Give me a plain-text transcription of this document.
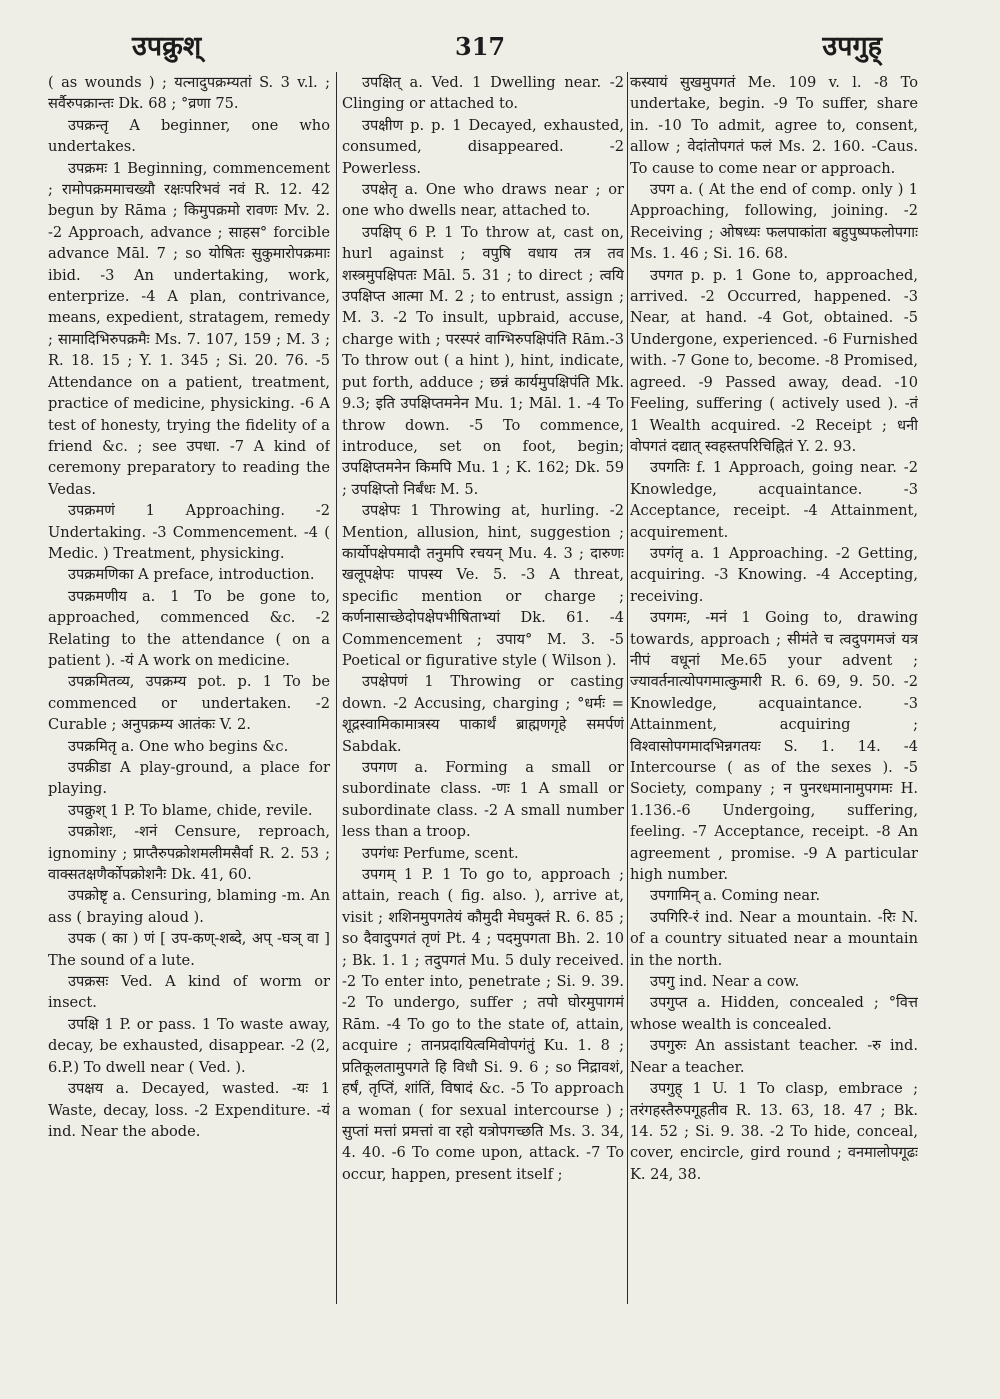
उपक्रुश्	317	उपगुह्

( as wounds ) ; यत्नादुपक्रम्यतां S. 3 v.l. ; सर्वैरुपक्रान्तः Dk. 68 ; °व्रणा 75.

उपक्रन्तृ A beginner, one who undertakes.

उपक्रमः 1 Beginning, commencement ; रामोपक्रममाचख्यौ रक्षःपरिभवं नवं R. 12. 42 begun by Rāma ; किमुपक्रमो रावणः Mv. 2. -2 Approach, advance ; साहस° forcible advance Māl. 7 ; so योषितः सुकुमारोपक्रमाः ibid. -3 An undertaking, work, enterprize. -4 A plan, contrivance, means, expedient, stratagem, remedy ; सामादिभिरुपक्रमैः Ms. 7. 107, 159 ; M. 3 ; R. 18. 15 ; Y. 1. 345 ; Si. 20. 76. -5 Attendance on a patient, treatment, practice of medicine, physicking. -6 A test of honesty, trying the fidelity of a friend &c. ; see उपधा. -7 A kind of ceremony preparatory to reading the Vedas.

उपक्रमणं 1 Approaching. -2 Undertaking. -3 Commencement. -4 ( Medic. ) Treatment, physicking.

उपक्रमणिका A preface, introduction.

उपक्रमणीय a. 1 To be gone to, approached, commenced &c. -2 Relating to the attendance ( on a patient ). -यं A work on medicine.

उपक्रमितव्य, उपक्रम्य pot. p. 1 To be commenced or undertaken. -2 Curable ; अनुपक्रम्य आतंकः V. 2.

उपक्रमितृ a. One who begins &c.

उपक्रीडा A play-ground, a place for playing.

उपक्रुश् 1 P. To blame, chide, revile.

उपक्रोशः, -शनं Censure, reproach, ignominy ; प्राप्तैरुपक्रोशमलीमसैर्वा R. 2. 53 ; वाक्सतक्षणैर्कोपक्रोशनैः Dk. 41, 60.

उपक्रोष्टृ a. Censuring, blaming -m. An ass ( braying aloud ).

उपक ( का ) णं [ उप-कण्-शब्दे, अप् -घञ् वा ] The sound of a lute.

उपक्रसः Ved. A kind of worm or insect.

उपक्षि 1 P. or pass. 1 To waste away, decay, be exhausted, disappear. -2 (2, 6.P.) To dwell near ( Ved. ).

उपक्षय a. Decayed, wasted. -यः 1 Waste, decay, loss. -2 Expenditure. -यं ind. Near the abode.

उपक्षित् a. Ved. 1 Dwelling near. -2 Clinging or attached to.

उपक्षीण p. p. 1 Decayed, exhausted, consumed, disappeared. -2 Powerless.

उपक्षेतृ a. One who draws near ; or one who dwells near, attached to.

उपक्षिप् 6 P. 1 To throw at, cast on, hurl against ; वपुषि वधाय तत्र तव शस्त्रमुपक्षिपतः Māl. 5. 31 ; to direct ; त्वयि उपक्षिप्त आत्मा M. 2 ; to entrust, assign ; M. 3. -2 To insult, upbraid, accuse, charge with ; परस्परं वाग्भिरुपक्षिपंति Rām.-3 To throw out ( a hint ), hint, indicate, put forth, adduce ; छन्नं कार्यमुपक्षिपंति Mk. 9.3; इति उपक्षिप्तमनेन Mu. 1; Māl. 1. -4 To throw down. -5 To commence, introduce, set on foot, begin; उपक्षिप्तमनेन किमपि Mu. 1 ; K. 162; Dk. 59 ; उपक्षिप्तो निर्बंधः M. 5.

उपक्षेपः 1 Throwing at, hurling. -2 Mention, allusion, hint, suggestion ; कार्योपक्षेपमादौ तनुमपि रचयन् Mu. 4. 3 ; दारुणः खलूपक्षेपः पापस्य Ve. 5. -3 A threat, specific mention or charge ; कर्णनासाच्छेदोपक्षेपभीषिताभ्यां Dk. 61. -4 Commencement ; उपाय° M. 3. -5 Poetical or figurative style ( Wilson ).

उपक्षेपणं 1 Throwing or casting down. -2 Accusing, charging ; °धर्मः = शूद्रस्वामिकामात्रस्य पाकार्थं ब्राह्मणगृहे समर्पणं Sabdak.

उपगण a. Forming a small or subordinate class. -णः 1 A small or subordinate class. -2 A small number less than a troop.

उपगंधः Perfume, scent.

उपगम् 1 P. 1 To go to, approach ; attain, reach ( fig. also. ), arrive at, visit ; शशिनमुपगतेयं कौमुदी मेघमुक्तं R. 6. 85 ; so दैवादुपगतं तृणं Pt. 4 ; पदमुपगता Bh. 2. 10 ; Bk. 1. 1 ; तदुपगतं Mu. 5 duly received. -2 To enter into, penetrate ; Si. 9. 39. -2 To undergo, suffer ; तपो घोरमुपागमं Rām. -4 To go to the state of, attain, acquire ; तानप्रदायित्वमिवोपगंतुं Ku. 1. 8 ; प्रतिकूलतामुपगते हि विधौ Si. 9. 6 ; so निद्रावशं, हर्षं, तृप्तिं, शांतिं, विषादं &c. -5 To approach a woman ( for sexual intercourse ) ; सुप्तां मत्तां प्रमत्तां वा रहो यत्रोपगच्छति Ms. 3. 34, 4. 40. -6 To come upon, attack. -7 To occur, happen, present itself ;

कस्यायं सुखमुपगतं Me. 109 v. l. -8 To undertake, begin. -9 To suffer, share in. -10 To admit, agree to, consent, allow ; वेदांतोपगतं फलं Ms. 2. 160. -Caus. To cause to come near or approach.

उपग a. ( At the end of comp. only ) 1 Approaching, following, joining. -2 Receiving ; ओषध्यः फलपाकांता बहुपुष्पफलोपगाः Ms. 1. 46 ; Si. 16. 68.

उपगत p. p. 1 Gone to, approached, arrived. -2 Occurred, happened. -3 Near, at hand. -4 Got, obtained. -5 Undergone, experienced. -6 Furnished with. -7 Gone to, become. -8 Promised, agreed. -9 Passed away, dead. -10 Feeling, suffering ( actively used ). -तं 1 Wealth acquired. -2 Receipt ; धनी वोपगतं दद्यात् स्वहस्तपरिचिह्नितं Y. 2. 93.

उपगतिः f. 1 Approach, going near. -2 Knowledge, acquaintance. -3 Acceptance, receipt. -4 Attainment, acquirement.

उपगंतृ a. 1 Approaching. -2 Getting, acquiring. -3 Knowing. -4 Accepting, receiving.

उपगमः, -मनं 1 Going to, drawing towards, approach ; सीमंते च त्वदुपगमजं यत्र नीपं वधूनां Me.65 your advent ; ज्यावर्तनात्योपगमात्कुमारी R. 6. 69, 9. 50. -2 Knowledge, acquaintance. -3 Attainment, acquiring ; विश्वासोपगमादभिन्नगतयः S. 1. 14. -4 Intercourse ( as of the sexes ). -5 Society, company ; न पुनरधमानामुपगमः H. 1.136.-6 Undergoing, suffering, feeling. -7 Acceptance, receipt. -8 An agreement , promise. -9 A particular high number.

उपगामिन् a. Coming near.

उपगिरि-रं ind. Near a mountain. -रिः N. of a country situated near a mountain in the north.

उपगु ind. Near a cow.

उपगुप्त a. Hidden, concealed ; °वित्त whose wealth is concealed.

उपगुरुः An assistant teacher. -रु ind. Near a teacher.

उपगुह् 1 U. 1 To clasp, embrace ; तरंगहस्तैरुपगूहतीव R. 13. 63, 18. 47 ; Bk. 14. 52 ; Si. 9. 38. -2 To hide, conceal, cover, encircle, gird round ; वनमालोपगूढः K. 24, 38.
